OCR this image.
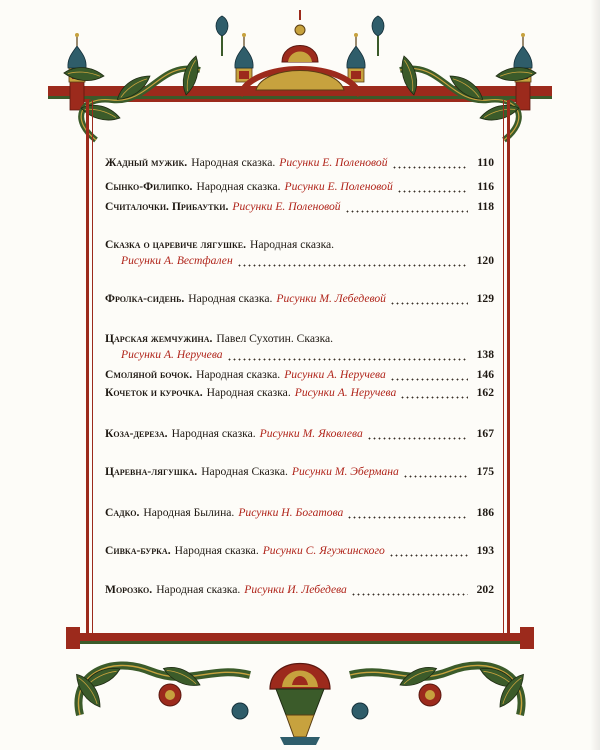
Жадный мужик. Народная сказка. Рисунки Е. Поленовой	110
Сынко-Филипко. Народная сказка. Рисунки Е. Поленовой	116
Считалочки. Прибаутки. Рисунки Е. Поленовой	118
Сказка о царевиче лягушке. Народная сказка.
Рисунки А. Вестфален	120
Фролка-сидень. Народная сказка. Рисунки М. Лебедевой	129
Царская жемчужина. Павел Сухотин. Сказка.
Рисунки А. Неручева	138
Смоляной бочок. Народная сказка. Рисунки А. Неручева	146
Кочеток и курочка. Народная сказка. Рисунки А. Неручева	162
Коза-дереза. Народная сказка. Рисунки М. Яковлева	167
Царевна-лягушка. Народная Сказка. Рисунки М. Эбермана	175
Садко. Народная Былина. Рисунки Н. Богатова	186
Сивка-бурка. Народная сказка. Рисунки С. Ягужинского	193
Морозко. Народная сказка. Рисунки И. Лебедева	202
